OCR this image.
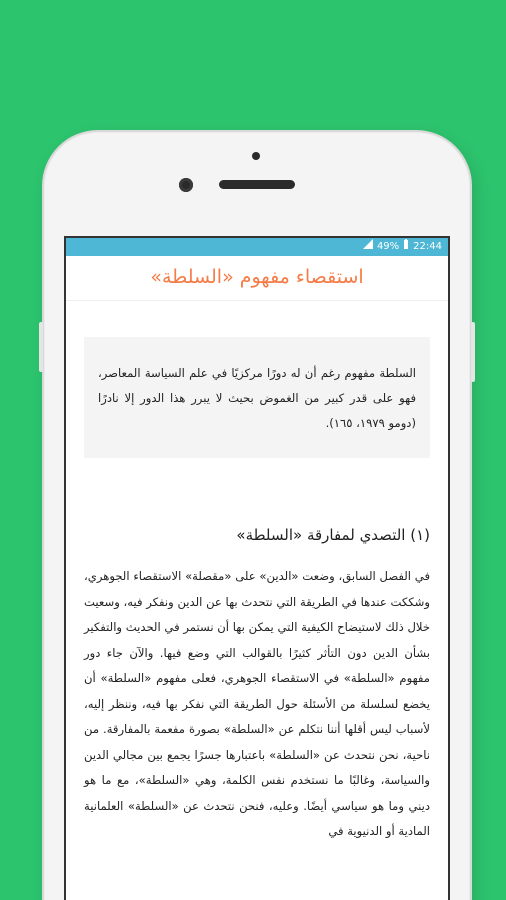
49% 22:44
استقصاء مفهوم «السلطة»
السلطة مفهوم رغم أن له دورًا مركزيًا في علم السياسة المعاصر، فهو على قدر كبير من الغموض بحيث لا يبرر هذا الدور إلا نادرًا (دومو ١٩٧٩، ١٦٥).
(١) التصدي لمفارقة «السلطة»
في الفصل السابق، وضعت «الدين» على «مقصلة» الاستقصاء الجوهري، وشككت عندها في الطريقة التي نتحدث بها عن الدين ونفكر فيه، وسعيت خلال ذلك لاستيضاح الكيفية التي يمكن بها أن نستمر في الحديث والتفكير بشأن الدين دون التأثر كثيرًا بالقوالب التي وضع فيها. والآن جاء دور مفهوم «السلطة» في الاستقصاء الجوهري، فعلى مفهوم «السلطة» أن يخضع لسلسلة من الأسئلة حول الطريقة التي نفكر بها فيه، وننظر إليه، لأسباب ليس أقلها أننا نتكلم عن «السلطة» بصورة مفعمة بالمفارقة. من ناحية، نحن نتحدث عن «السلطة» باعتبارها جسرًا يجمع بين مجالي الدين والسياسة، وغالبًا ما نستخدم نفس الكلمة، وهي «السلطة»، مع ما هو ديني وما هو سياسي أيضًا. وعليه، فنحن نتحدث عن «السلطة» العلمانية المادية أو الدنيوية في
